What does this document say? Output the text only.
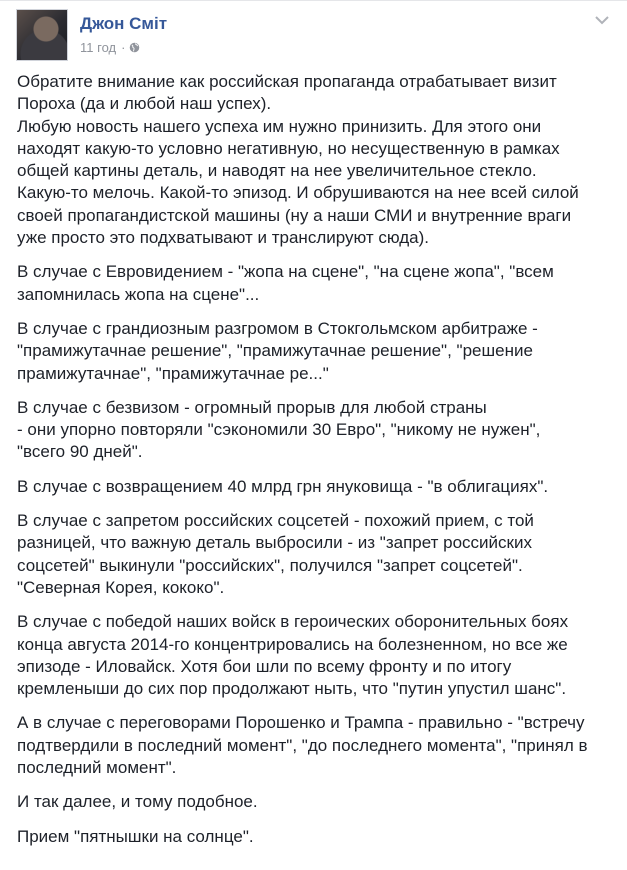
Джон Сміт
11 год ·

Обратите внимание как российская пропаганда отрабатывает визит
Пороха (да и любой наш успех).
Любую новость нашего успеха им нужно принизить. Для этого они
находят какую-то условно негативную, но несущественную в рамках
общей картины деталь, и наводят на нее увеличительное стекло.
Какую-то мелочь. Какой-то эпизод. И обрушиваются на нее всей силой
своей пропагандистской машины (ну а наши СМИ и внутренние враги
уже просто это подхватывают и транслируют сюда).

В случае с Евровидением - "жопа на сцене", "на сцене жопа", "всем
запомнилась жопа на сцене"...

В случае с грандиозным разгромом в Стокгольмском арбитраже -
"прамижутачнае решение", "прамижутачнае решение", "решение
прамижутачнае", "прамижутачнае ре..."

В случае с безвизом - огромный прорыв для любой страны
- они упорно повторяли "сэкономили 30 Евро", "никому не нужен",
"всего 90 дней".

В случае с возвращением 40 млрд грн януковища - "в облигациях".

В случае с запретом российских соцсетей - похожий прием, с той
разницей, что важную деталь выбросили - из "запрет российских
соцсетей" выкинули "российских", получился "запрет соцсетей".
"Северная Корея, кококо".

В случае с победой наших войск в героических оборонительных боях
конца августа 2014-го концентрировались на болезненном, но все же
эпизоде - Иловайск. Хотя бои шли по всему фронту и по итогу
кремленыши до сих пор продолжают ныть, что "путин упустил шанс".

А в случае с переговорами Порошенко и Трампа - правильно - "встречу
подтвердили в последний момент", "до последнего момента", "принял в
последний момент".

И так далее, и тому подобное.

Прием "пятнышки на солнце".
